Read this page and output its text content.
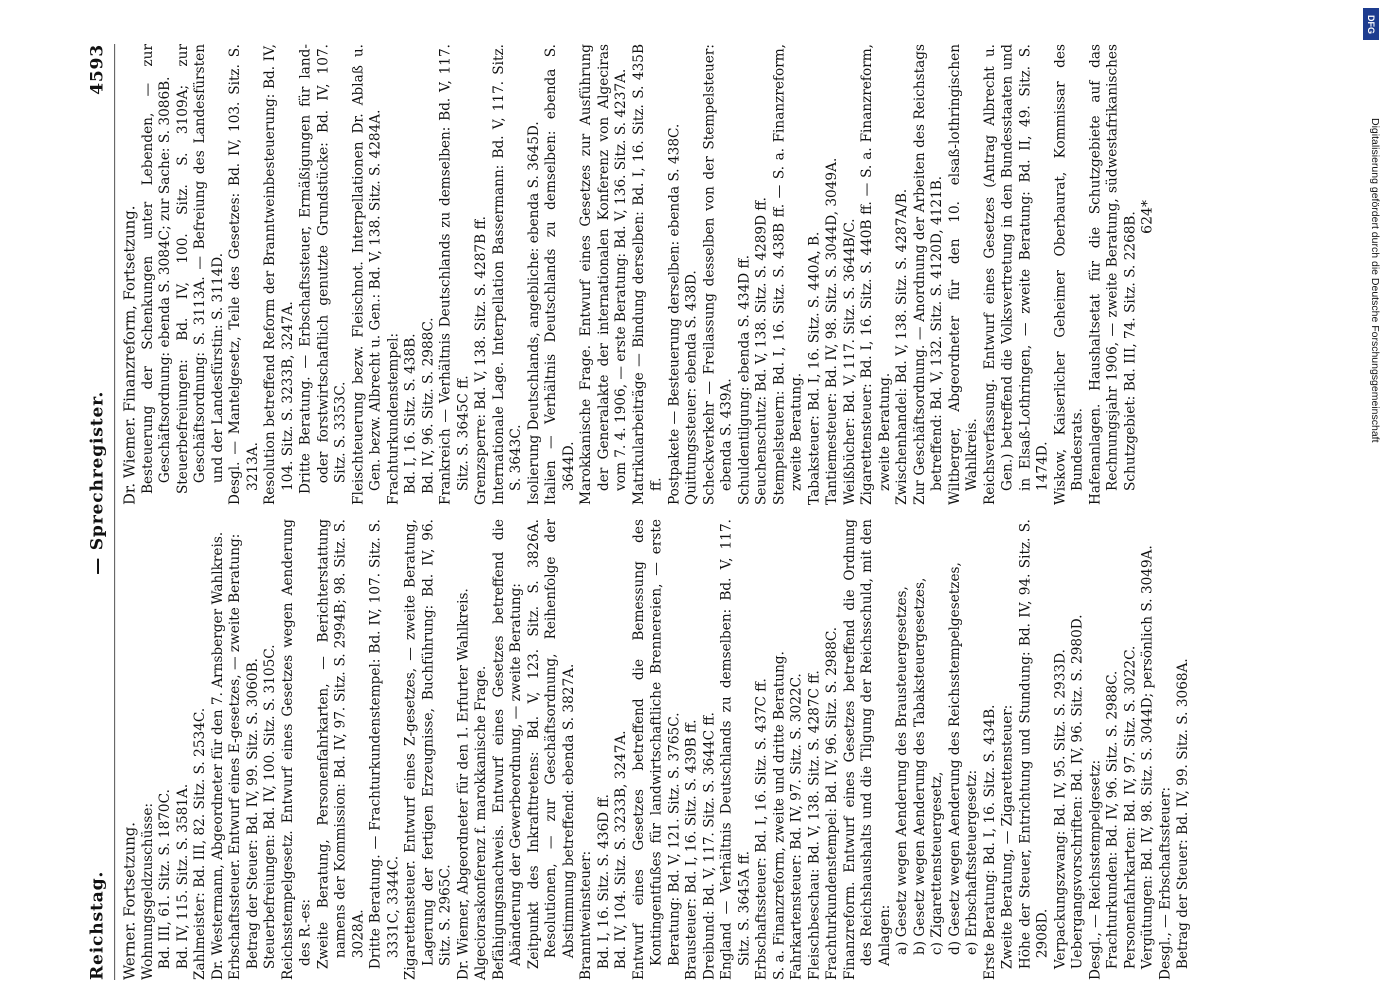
Reichstag.
— Sprechregister.
4593

Werner. Fortsetzung. Wohnungsgeldzuschüsse: Bd. III, 61. Sitz. S. 1870C. Bd. IV, 115. Sitz. S. 3581A. Zahlmeister: Bd. III, 82. Sitz. S. 2534C. Dr. Westermann, Abgeordneter für den 7. Arnsberger Wahlkreis. Erbschaftssteuer. Entwurf eines E-gesetzes, — zweite Beratung: Betrag der Steuer: Bd. IV, 99. Sitz. S. 3060B. Steuerbefreiungen: Bd. IV, 100. Sitz. S. 3105C. Reichsstempelgesetz. Entwurf eines Gesetzes wegen Aenderung des R.-es: Zweite Beratung, Personenfahrkarten, — Berichterstattung namens der Kommission: Bd. IV, 97. Sitz. S. 2994B; 98. Sitz. S. 3028A. Dritte Beratung. — Frachturkundenstempel: Bd. IV, 107. Sitz. S. 3331C, 3344C. Zigarettensteuer. Entwurf eines Z-gesetzes, — zweite Beratung, Lagerung der fertigen Erzeugnisse, Buchführung: Bd. IV, 96. Sitz. S. 2965C. Dr. Wiemer, Abgeordneter für den 1. Erfurter Wahlkreis. Algecioraskonferenz f. marokkanische Frage. Befähigungsnachweis. Entwurf eines Gesetzes betreffend die Abänderung der Gewerbeordnung, — zweite Beratung: Zeitpunkt des Inkrafttretens: Bd. V, 123. Sitz. S. 3826A. Resolutionen, — zur Geschäftsordnung, Reihenfolge der Abstimmung betreffend: ebenda S. 3827A. Branntweinsteuer: Bd. I, 16. Sitz. S. 436D ff. Bd. IV, 104. Sitz. S. 3233B, 3247A. Entwurf eines Gesetzes betreffend die Bemessung des Kontingentfußes für landwirtschaftliche Brennereien, — erste Beratung: Bd. V, 121. Sitz. S. 3765C. Brausteuer: Bd. I, 16. Sitz. S. 439B ff. Dreibund: Bd. V, 117. Sitz. S. 3644C ff. England — Verhältnis Deutschlands zu demselben: Bd. V, 117. Sitz. S. 3645A ff. Erbschaftssteuer: Bd. I, 16. Sitz. S. 437C ff. S. a. Finanzreform, zweite und dritte Beratung. Fahrkartensteuer: Bd. IV, 97. Sitz. S. 3022C. Fleischbeschau: Bd. V, 138. Sitz. S. 4287C ff. Frachturkundenstempel: Bd. IV, 96. Sitz. S. 2988C. Finanzreform. Entwurf eines Gesetzes betreffend die Ordnung des Reichshaushalts und die Tilgung der Reichsschuld, mit den Anlagen: a) Gesetz wegen Aenderung des Brausteuergesetzes, b) Gesetz wegen Aenderung des Tabaksteuergesetzes, c) Zigarettensteuergesetz, d) Gesetz wegen Aenderung des Reichsstempelgesetzes, e) Erbschaftssteuergesetz: Erste Beratung: Bd. I, 16. Sitz. S. 434B. Zweite Beratung, — Zigarettensteuer: Höhe der Steuer, Entrichtung und Stundung: Bd. IV, 94. Sitz. S. 2908D. Verpackungszwang: Bd. IV, 95. Sitz. S. 2933D. Uebergangsvorschriften: Bd. IV, 96. Sitz. S. 2980D. Desgl., — Reichsstempelgesetz: Frachturkunden: Bd. IV, 96. Sitz. S. 2988C. Personenfahrkarten: Bd. IV, 97. Sitz. S. 3022C. Vergütungen: Bd. IV, 98. Sitz. S. 3044D; persönlich S. 3049A. Desgl., — Erbschaftssteuer: Betrag der Steuer: Bd. IV, 99. Sitz. S. 3068A.

Dr. Wiemer. Finanzreform, Fortsetzung. Besteuerung der Schenkungen unter Lebenden, — zur Geschäftsordnung: ebenda S. 3084C; zur Sache: S. 3086B. Steuerbefreiungen: Bd. IV, 100. Sitz. S. 3109A; zur Geschäftsordnung: S. 3113A. — Befreiung des Landesfürsten und der Landesfürstin: S. 3114D. Desgl. — Mantelgesetz, Teile des Gesetzes: Bd. IV, 103. Sitz. S. 3213A. Resolution betreffend Reform der Branntweinbesteuerung: Bd. IV, 104. Sitz. S. 3233B, 3247A. Dritte Beratung. — Erbschaftssteuer, Ermäßigungen für land- oder forstwirtschaftlich genutzte Grundstücke: Bd. IV, 107. Sitz. S. 3353C. Fleischteuerung bezw. Fleischnot. Interpellationen Dr. Ablaß u. Gen. bezw. Albrecht u. Gen.: Bd. V, 138. Sitz. S. 4284A. Frachturkundenstempel: Bd. I, 16. Sitz. S. 438B. Bd. IV, 96. Sitz. S. 2988C. Frankreich — Verhältnis Deutschlands zu demselben: Bd. V, 117. Sitz. S. 3645C ff. Grenzsperre: Bd. V, 138. Sitz. S. 4287B ff. Internationale Lage. Interpellation Bassermann: Bd. V, 117. Sitz. S. 3643C. Isolierung Deutschlands, angebliche: ebenda S. 3645D. Italien — Verhältnis Deutschlands zu demselben: ebenda S. 3644D. Marokkanische Frage. Entwurf eines Gesetzes zur Ausführung der Generalakte der internationalen Konferenz von Algeciras vom 7. 4. 1906, — erste Beratung: Bd. V, 136. Sitz. S. 4237A. Matrikularbeiträge — Bindung derselben: Bd. I, 16. Sitz. S. 435B ff. Postpakete — Besteuerung derselben: ebenda S. 438C. Quittungssteuer: ebenda S. 438D. Scheckverkehr — Freilassung desselben von der Stempelsteuer: ebenda S. 439A. Schuldentilgung: ebenda S. 434D ff. Seuchenschutz: Bd. V, 138. Sitz. S. 4289D ff. Stempelsteuern: Bd. I, 16. Sitz. S. 438B ff. — S. a. Finanzreform, zweite Beratung. Tabaksteuer: Bd. I, 16. Sitz. S. 440A, B. Tantiemesteuer: Bd. IV, 98. Sitz. S. 3044D, 3049A. Weißbücher: Bd. V, 117. Sitz. S. 3644B/C. Zigarettensteuer: Bd. I, 16. Sitz. S. 440B ff. — S. a. Finanzreform, zweite Beratung. Zwischenhandel: Bd. V, 138. Sitz. S. 4287A/B. Zur Geschäftsordnung. — Anordnung der Arbeiten des Reichstags betreffend: Bd. V, 132. Sitz. S. 4120D, 4121B. Wiltberger, Abgeordneter für den 10. elsaß-lothringischen Wahlkreis. Reichsverfassung. Entwurf eines Gesetzes (Antrag Albrecht u. Gen.) betreffend die Volksvertretung in den Bundesstaaten und in Elsaß-Lothringen, — zweite Beratung: Bd. II, 49. Sitz. S. 1474D. Wiskow, Kaiserlicher Geheimer Oberbaurat, Kommissar des Bundesrats. Hafenanlagen. Haushaltsetat für die Schutzgebiete auf das Rechnungsjahr 1906, — zweite Beratung, südwestafrikanisches Schutzgebiet: Bd. III, 74. Sitz. S. 2268B. 624*

DFG
Digitalisierung gefördert durch die Deutsche Forschungsgemeinschaft
